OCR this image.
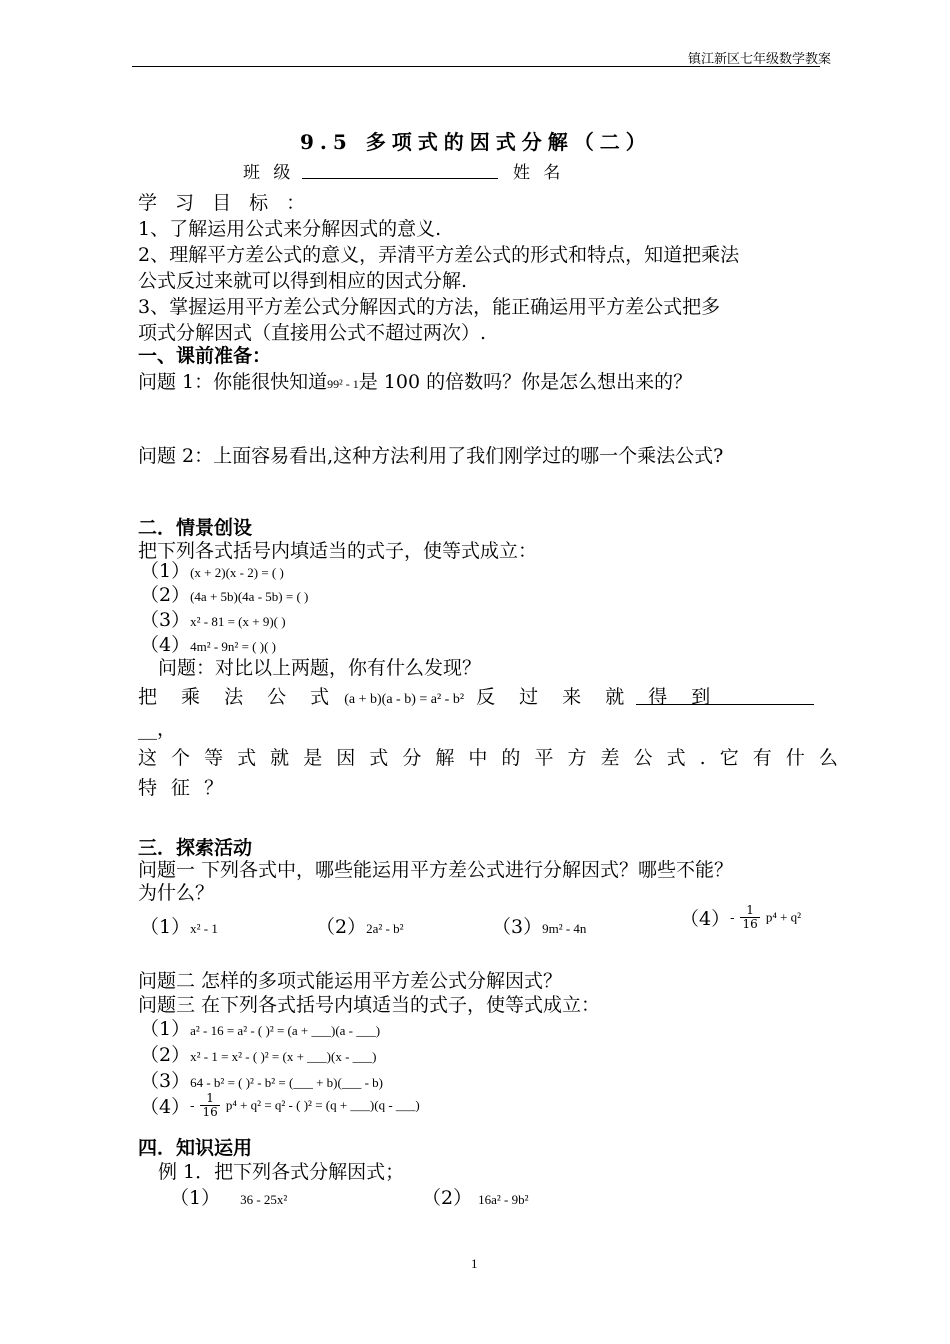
镇江新区七年级数学教案
9.5 多项式的因式分解（二）
班 级	姓 名
学 习 目 标 ：
1、了解运用公式来分解因式的意义.
2、理解平方差公式的意义，弄清平方差公式的形式和特点，知道把乘法
公式反过来就可以得到相应的因式分解.
3、掌握运用平方差公式分解因式的方法，能正确运用平方差公式把多
项式分解因式（直接用公式不超过两次）.
一、课前准备：
问题 1：你能很快知道99² - 1是 100 的倍数吗？你是怎么想出来的？
问题 2：上面容易看出,这种方法利用了我们刚学过的哪一个乘法公式?
二．情景创设
把下列各式括号内填适当的式子，使等式成立：
（1）(x + 2)(x - 2) = ( )
（2）(4a + 5b)(4a - 5b) = ( )
（3）x² - 81 = (x + 9)( )
（4）4m² - 9n² = ( )( )
问题：对比以上两题，你有什么发现？
把 乘 法 公 式 (a + b)(a - b) = a² - b² 反 过 来 就 得 到
__，
这 个 等 式 就 是 因 式 分 解 中 的 平 方 差 公 式 . 它 有 什 么
特 征 ？
三．探索活动
问题一 下列各式中，哪些能运用平方差公式进行分解因式？哪些不能？
为什么？
（1）x² - 1	（2）2a² - b²	（3）9m² - 4n	$(4)- \frac{1}{16} p^4 + q^2$
问题二 怎样的多项式能运用平方差公式分解因式？
问题三 在下列各式括号内填适当的式子，使等式成立：
（1）a² - 16 = a² - ( )² = (a + ___)(a - ___)
（2）x² - 1 = x² - ( )² = (x + ___)(x - ___)
（3）64 - b² = ( )² - b² = (___ + b)(___ - b)
$(4)- \frac{1}{16} p^4 + q^2 = q^2$ - ( )² = (q + ___)(q - ___)
四．知识运用
例 1．把下列各式分解因式；
（1） 36 - 25x²	（2） 16a² - 9b²
1
